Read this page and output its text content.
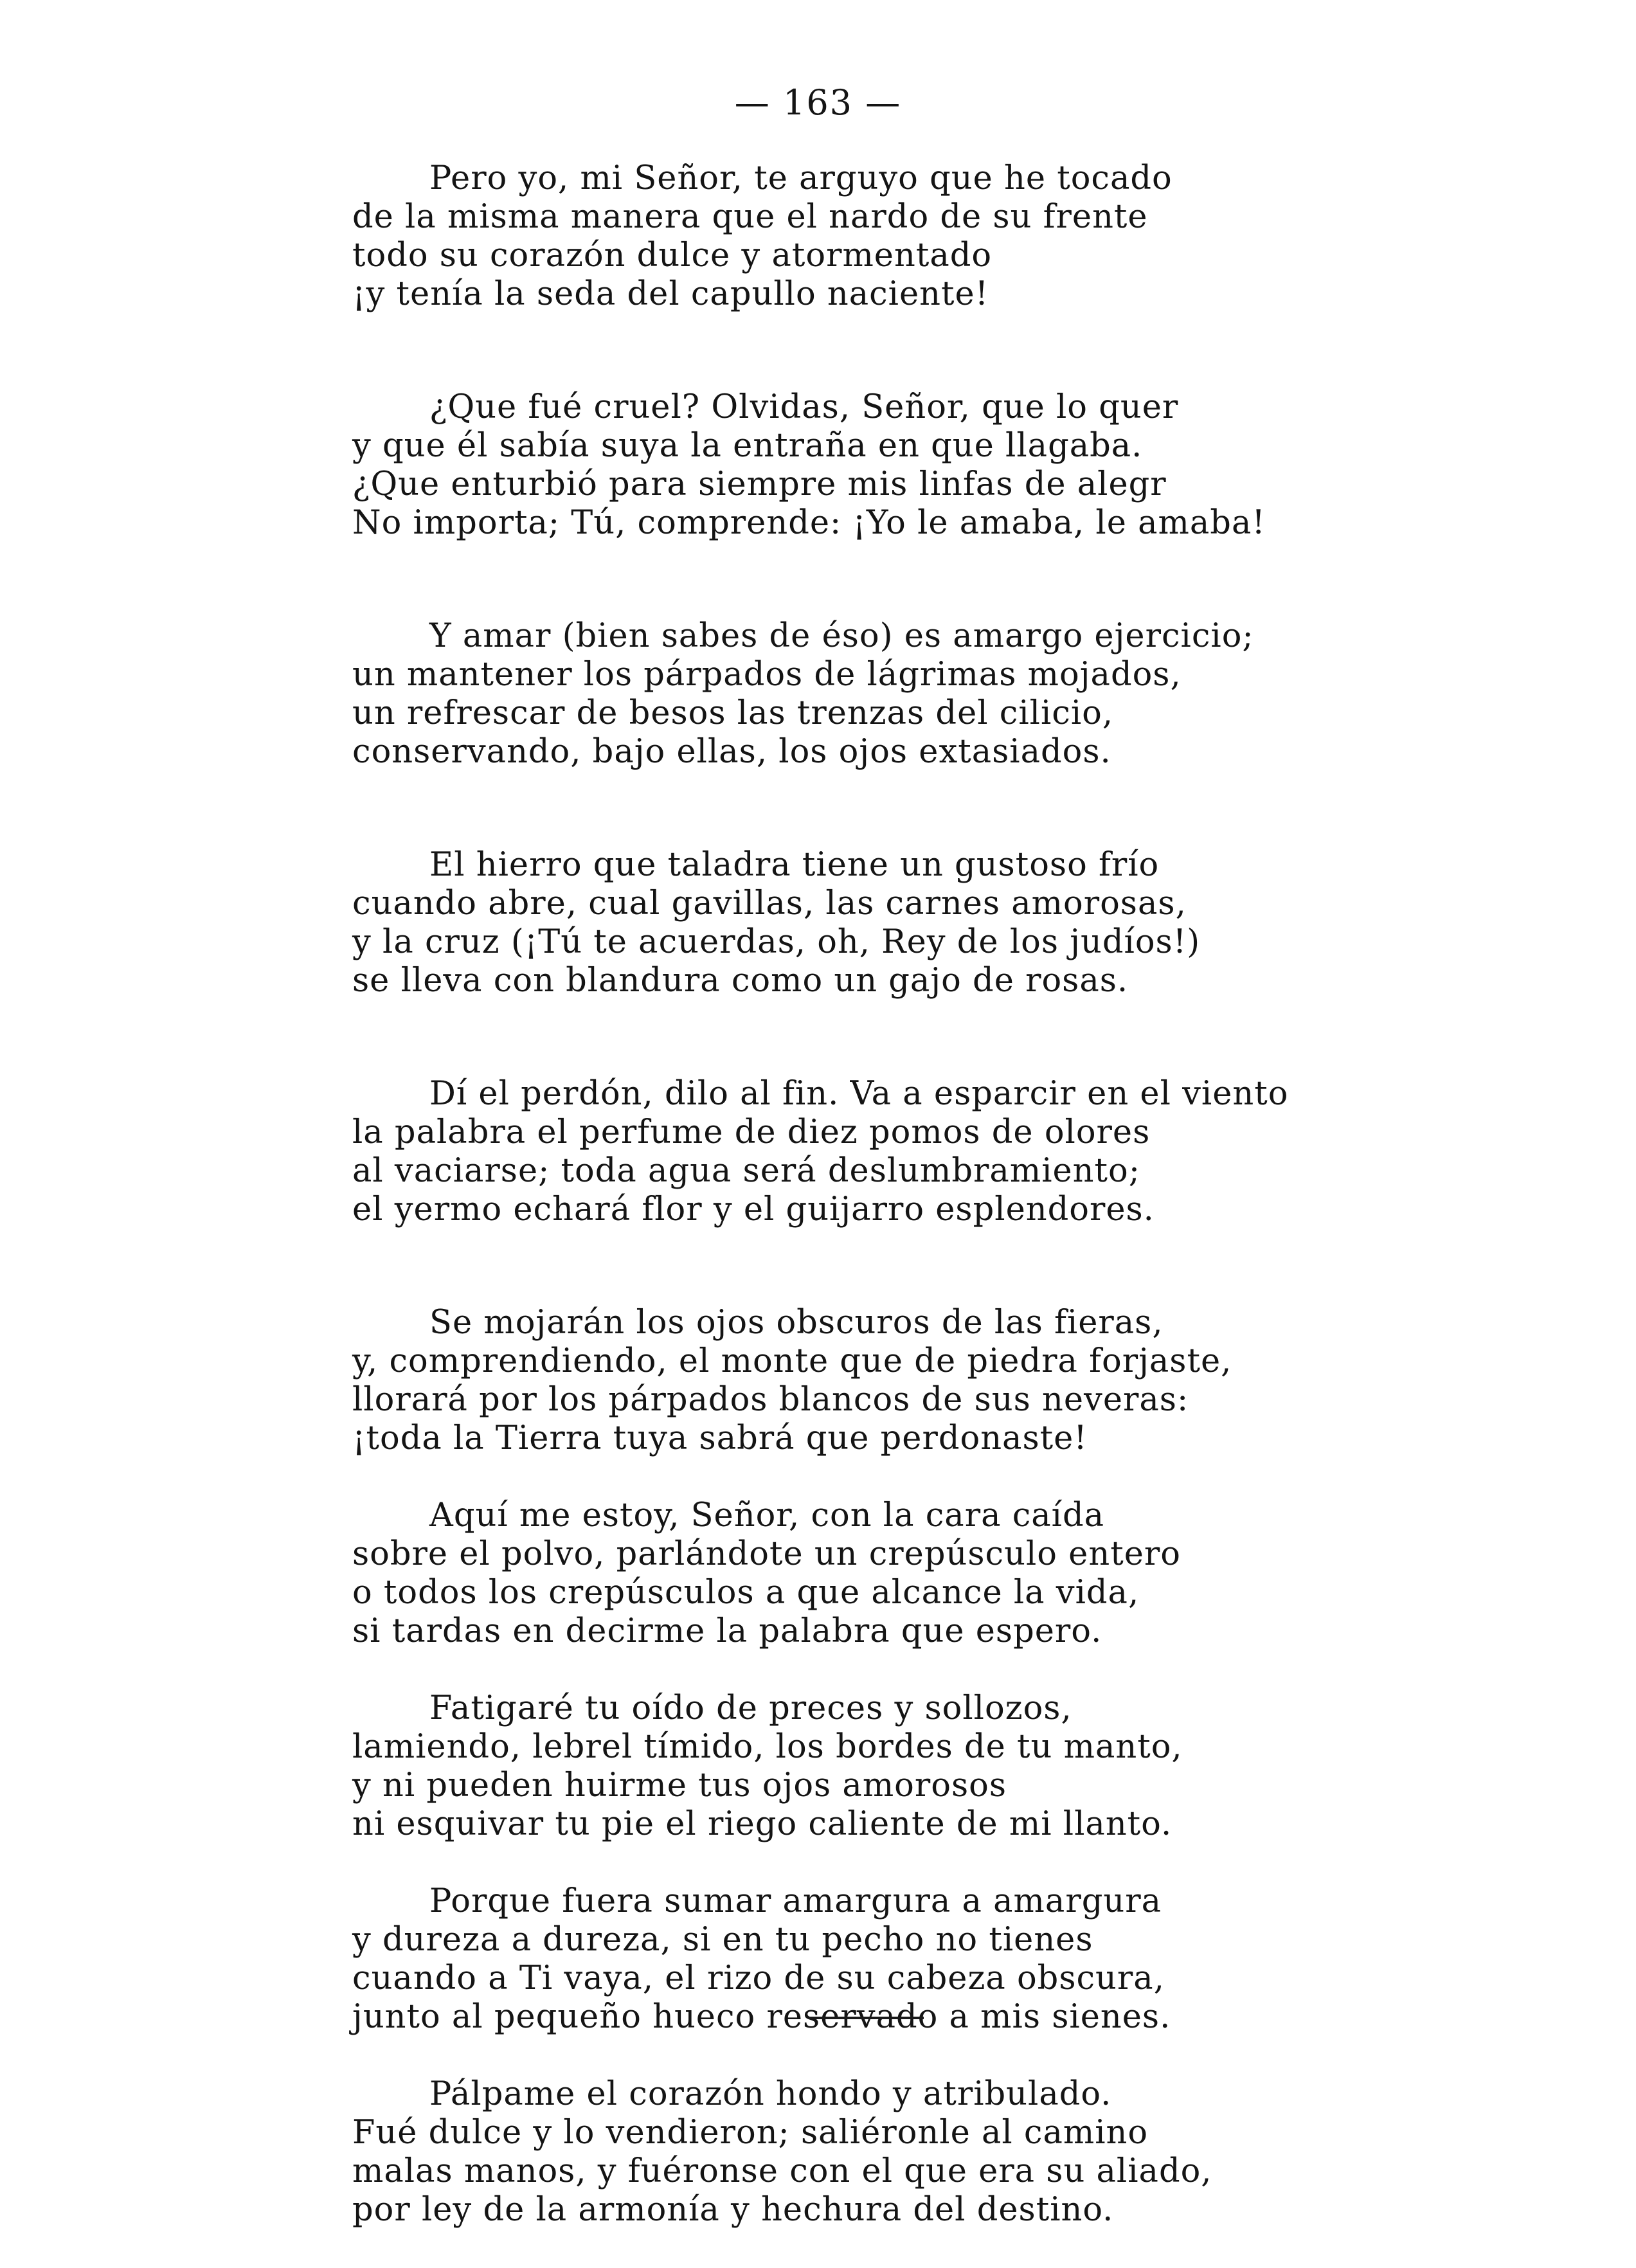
— 163 —
Pero yo, mi Señor, te arguyo que he tocado
de la misma manera que el nardo de su frente
todo su corazón dulce y atormentado
¡y tenía la seda del capullo naciente!
¿Que fué cruel? Olvidas, Señor, que lo quer
y que él sabía suya la entraña en que llagaba.
¿Que enturbió para siempre mis linfas de alegr
No importa; Tú, comprende: ¡Yo le amaba, le amaba!
Y amar (bien sabes de éso) es amargo ejercicio;
un mantener los párpados de lágrimas mojados,
un refrescar de besos las trenzas del cilicio,
conservando, bajo ellas, los ojos extasiados.
El hierro que taladra tiene un gustoso frío
cuando abre, cual gavillas, las carnes amorosas,
y la cruz (¡Tú te acuerdas, oh, Rey de los judíos!)
se lleva con blandura como un gajo de rosas.
Dí el perdón, dilo al fin. Va a esparcir en el viento
la palabra el perfume de diez pomos de olores
al vaciarse; toda agua será deslumbramiento;
el yermo echará flor y el guijarro esplendores.
Se mojarán los ojos obscuros de las fieras,
y, comprendiendo, el monte que de piedra forjaste,
llorará por los párpados blancos de sus neveras:
¡toda la Tierra tuya sabrá que perdonaste!
Aquí me estoy, Señor, con la cara caída
sobre el polvo, parlándote un crepúsculo entero
o todos los crepúsculos a que alcance la vida,
si tardas en decirme la palabra que espero.
Fatigaré tu oído de preces y sollozos,
lamiendo, lebrel tímido, los bordes de tu manto,
y ni pueden huirme tus ojos amorosos
ni esquivar tu pie el riego caliente de mi llanto.
Porque fuera sumar amargura a amargura
y dureza a dureza, si en tu pecho no tienes
cuando a Ti vaya, el rizo de su cabeza obscura,
junto al pequeño hueco reservado a mis sienes.
Pálpame el corazón hondo y atribulado.
Fué dulce y lo vendieron; saliéronle al camino
malas manos, y fuéronse con el que era su aliado,
por ley de la armonía y hechura del destino.
